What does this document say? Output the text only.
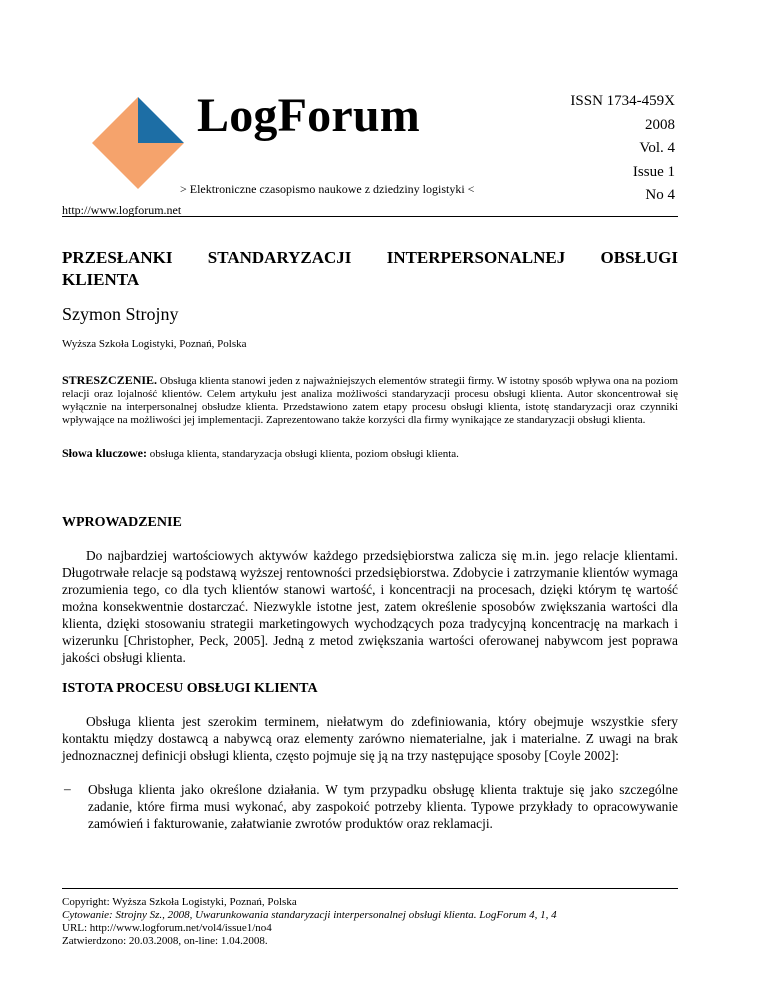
LogForum
> Elektroniczne czasopismo naukowe z dziedziny logistyki <
ISSN 1734-459X
2008
Vol. 4
Issue 1
No 4
http://www.logforum.net
PRZESŁANKI STANDARYZACJI INTERPERSONALNEJ OBSŁUGI KLIENTA
Szymon Strojny
Wyższa Szkoła Logistyki, Poznań, Polska
STRESZCZENIE. Obsługa klienta stanowi jeden z najważniejszych elementów strategii firmy. W istotny sposób wpływa ona na poziom relacji oraz lojalność klientów. Celem artykułu jest analiza możliwości standaryzacji procesu obsługi klienta. Autor skoncentrował się wyłącznie na interpersonalnej obsłudze klienta. Przedstawiono zatem etapy procesu obsługi klienta, istotę standaryzacji oraz czynniki wpływające na możliwości jej implementacji. Zaprezentowano także korzyści dla firmy wynikające ze standaryzacji obsługi klienta.
Słowa kluczowe: obsługa klienta, standaryzacja obsługi klienta, poziom obsługi klienta.
WPROWADZENIE
Do najbardziej wartościowych aktywów każdego przedsiębiorstwa zalicza się m.in. jego relacje klientami. Długotrwałe relacje są podstawą wyższej rentowności przedsiębiorstwa. Zdobycie i zatrzymanie klientów wymaga zrozumienia tego, co dla tych klientów stanowi wartość, i koncentracji na procesach, dzięki którym tę wartość można konsekwentnie dostarczać. Niezwykle istotne jest, zatem określenie sposobów zwiększania wartości dla klienta, dzięki stosowaniu strategii marketingowych wychodzących poza tradycyjną koncentrację na markach i wizerunku [Christopher, Peck, 2005]. Jedną z metod zwiększania wartości oferowanej nabywcom jest poprawa jakości obsługi klienta.
ISTOTA PROCESU OBSŁUGI KLIENTA
Obsługa klienta jest szerokim terminem, niełatwym do zdefiniowania, który obejmuje wszystkie sfery kontaktu między dostawcą a nabywcą oraz elementy zarówno niematerialne, jak i materialne. Z uwagi na brak jednoznacznej definicji obsługi klienta, często pojmuje się ją na trzy następujące sposoby [Coyle 2002]:
– Obsługa klienta jako określone działania. W tym przypadku obsługę klienta traktuje się jako szczególne zadanie, które firma musi wykonać, aby zaspokoić potrzeby klienta. Typowe przykłady to opracowywanie zamówień i fakturowanie, załatwianie zwrotów produktów oraz reklamacji.
Copyright: Wyższa Szkoła Logistyki, Poznań, Polska
Cytowanie: Strojny Sz., 2008, Uwarunkowania standaryzacji interpersonalnej obsługi klienta. LogForum 4, 1, 4
URL: http://www.logforum.net/vol4/issue1/no4
Zatwierdzono: 20.03.2008, on-line: 1.04.2008.
